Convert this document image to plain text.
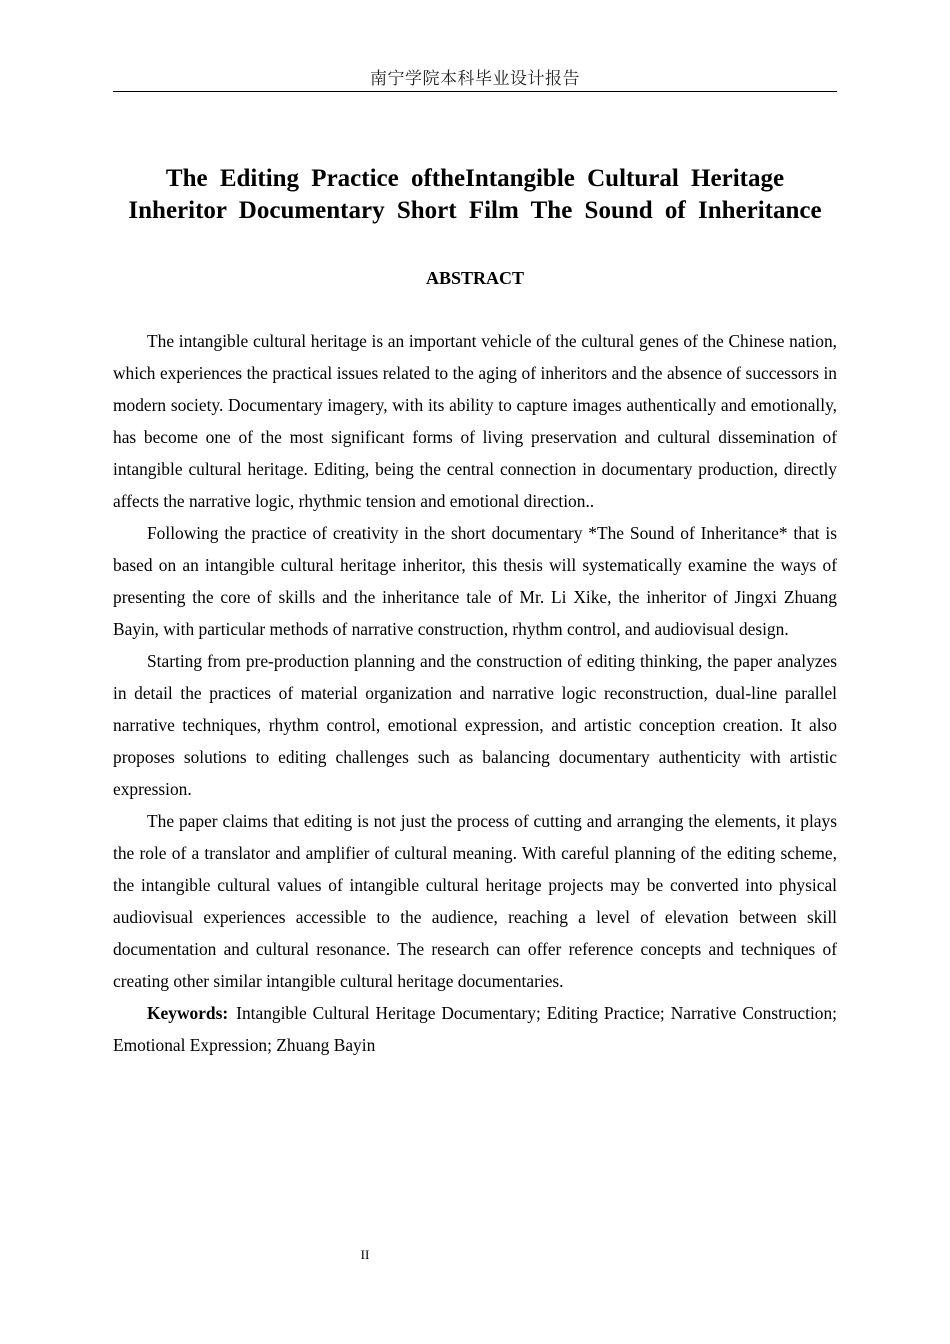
南宁学院本科毕业设计报告
The Editing Practice oftheIntangible Cultural Heritage
Inheritor Documentary Short Film The Sound of Inheritance
ABSTRACT

The intangible cultural heritage is an important vehicle of the cultural genes of the Chinese nation, which experiences the practical issues related to the aging of inheritors and the absence of successors in modern society. Documentary imagery, with its ability to capture images authentically and emotionally, has become one of the most significant forms of living preservation and cultural dissemination of intangible cultural heritage. Editing, being the central connection in documentary production, directly affects the narrative logic, rhythmic tension and emotional direction..

Following the practice of creativity in the short documentary *The Sound of Inheritance* that is based on an intangible cultural heritage inheritor, this thesis will systematically examine the ways of presenting the core of skills and the inheritance tale of Mr. Li Xike, the inheritor of Jingxi Zhuang Bayin, with particular methods of narrative construction, rhythm control, and audiovisual design.

Starting from pre-production planning and the construction of editing thinking, the paper analyzes in detail the practices of material organization and narrative logic reconstruction, dual-line parallel narrative techniques, rhythm control, emotional expression, and artistic conception creation. It also proposes solutions to editing challenges such as balancing documentary authenticity with artistic expression.

The paper claims that editing is not just the process of cutting and arranging the elements, it plays the role of a translator and amplifier of cultural meaning. With careful planning of the editing scheme, the intangible cultural values of intangible cultural heritage projects may be converted into physical audiovisual experiences accessible to the audience, reaching a level of elevation between skill documentation and cultural resonance. The research can offer reference concepts and techniques of creating other similar intangible cultural heritage documentaries.

Keywords: Intangible Cultural Heritage Documentary; Editing Practice; Narrative Construction; Emotional Expression; Zhuang Bayin

II
